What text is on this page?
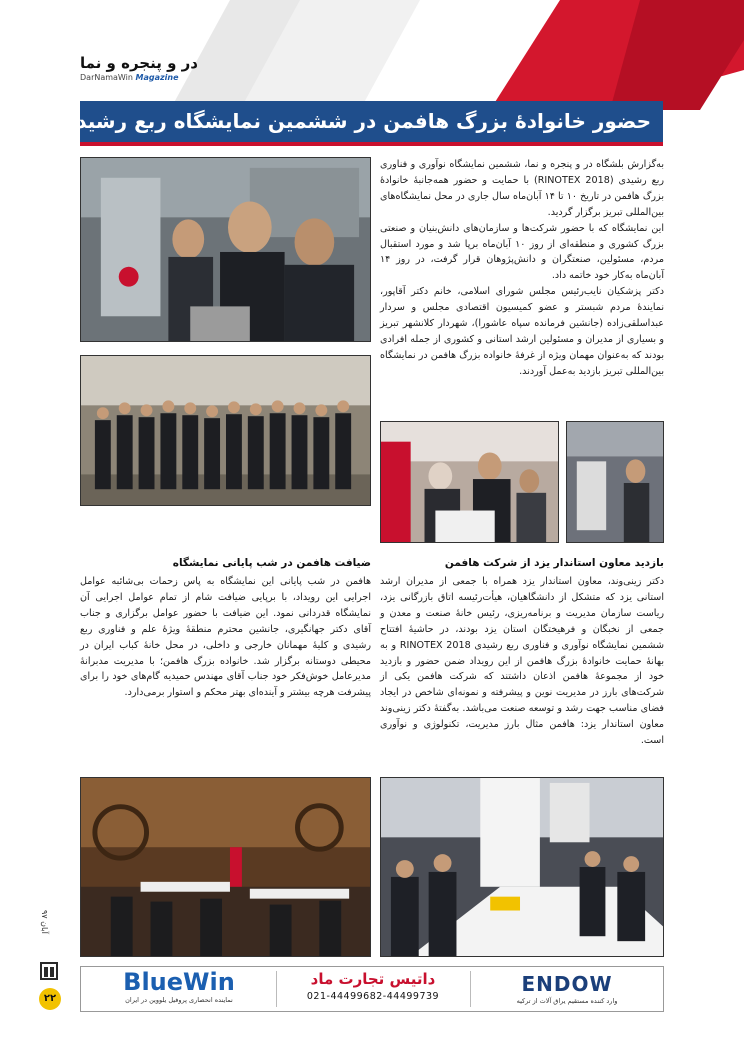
در و پنجره و نما
DarNamaWin Magazine
حضور خانوادۀ بزرگ هافمن در ششمین نمایشگاه ربع رشیدی تبریز

به‌گزارش بلشگاه در و پنجره و نما، ششمین نمایشگاه نوآوری و فناوری ربع رشیدی (RINOTEX 2018) با حمایت و حضور همه‌جانبۀ خانوادۀ بزرگ هافمن در تاریخ ۱۰ تا ۱۴ آبان‌ماه سال جاری در محل نمایشگاه‌های بین‌المللی تبریز برگزار گردید.

این نمایشگاه که با حضور شرکت‌ها و سازمان‌های دانش‌بنیان و صنعتی بزرگ کشوری و منطقه‌ای از روز ۱۰ آبان‌ماه برپا شد و مورد استقبال مردم، مسئولین، صنعتگران و دانش‌پژوهان قرار گرفت، در روز ۱۴ آبان‌ماه به‌کار خود خاتمه داد.

دکتر پزشکیان نایب‌رئیس مجلس شورای اسلامی، خانم دکتر آقاپور، نمایندۀ مردم شبستر و عضو کمیسیون اقتصادی مجلس و سردار عبداسلقی‌زاده (جانشین فرمانده سپاه عاشورا)، شهردار کلانشهر تبریز و بسیاری از مدیران و مسئولین ارشد استانی و کشوری از جمله افرادی بودند که به‌عنوان مهمان ویژه از غرفۀ خانواده بزرگ هافمن در نمایشگاه بین‌المللی تبریز بازدید به‌عمل آوردند.

بازدید معاون استاندار یزد از شرکت هافمن

دکتر زینی‌وند، معاون استاندار یزد همراه با جمعی از مدیران ارشد استانی یزد که متشکل از دانشگاهیان، هیأت‌رئیسه اتاق بازرگانی یزد، ریاست سازمان مدیریت و برنامه‌ریزی، رئیس خانۀ صنعت و معدن و جمعی از نخبگان و فرهیختگان استان یزد بودند، در حاشیۀ افتتاح ششمین نمایشگاه نوآوری و فناوری ربع رشیدی RINOTEX 2018 و به بهانۀ حمایت خانوادۀ بزرگ هافمن از این رویداد ضمن حضور و بازدید خود از مجموعۀ هافمن اذعان داشتند که شرکت هافمن یکی از شرکت‌های بارز در مدیریت نوین و پیشرفته و نمونه‌ای شاخص در ایجاد فضای مناسب جهت رشد و توسعه صنعت می‌باشد. به‌گفتۀ دکتر زینی‌وند معاون استاندار یزد: هافمن مثال بارز مدیریت، تکنولوژی و نوآوری است.

ضیافت هافمن در شب پایانی نمایشگاه

هافمن در شب پایانی این نمایشگاه به پاس زحمات بی‌شائبه عوامل اجرایی این رویداد، با برپایی ضیافت شام از تمام عوامل اجرایی آن نمایشگاه قدردانی نمود. این ضیافت با حضور عوامل برگزاری و جناب آقای دکتر جهانگیری، جانشین محترم منطقۀ ویژۀ علم و فناوری ربع رشیدی و کلیۀ مهمانان خارجی و داخلی، در محل خانۀ کباب ایران در محیطی دوستانه برگزار شد. خانواده بزرگ هافمن؛ با مدیریت مدبرانۀ مدیرعامل خوش‌فکر خود جناب آقای مهندس حمیدیه گام‌های خود را برای پیشرفت هرچه بیشتر و آینده‌ای بهتر محکم و استوار برمی‌دارد.

ENDOW
وارد کننده مستقیم یراق آلات از ترکیه
داتیس تجارت ماد
021-44499682-44499739
BlueWin
نماینده انحصاری پروفیل یلووین در ایران
آبان ۹۷
۲۲
